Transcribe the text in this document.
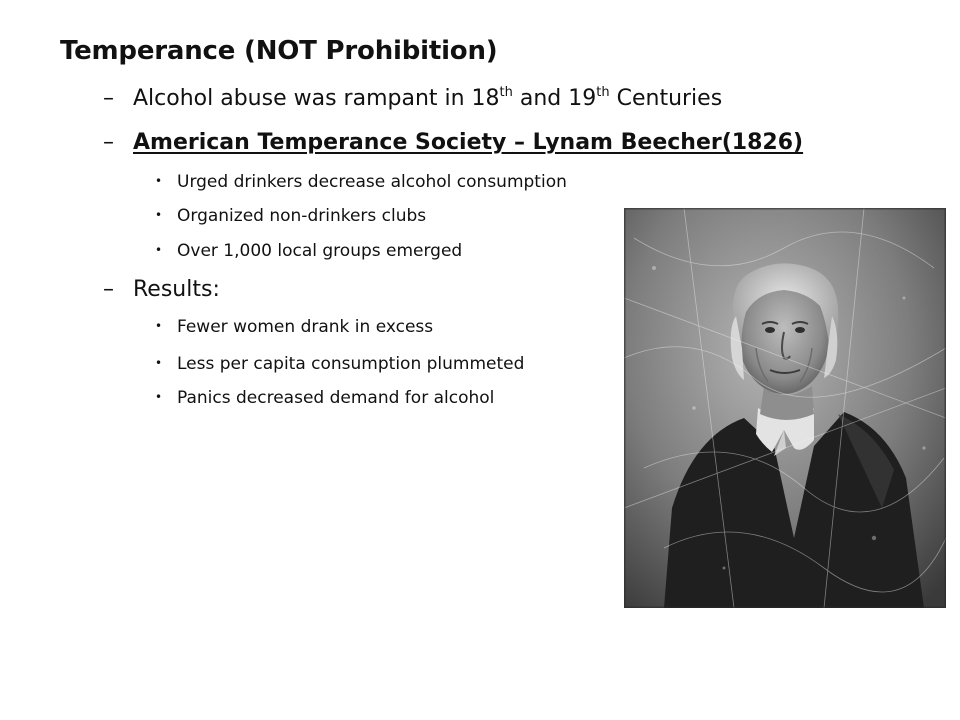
Temperance (NOT Prohibition)
– Alcohol abuse was rampant in 18th and 19th Centuries
– American Temperance Society – Lynam Beecher(1826)
• Urged drinkers decrease alcohol consumption
• Organized non-drinkers clubs
• Over 1,000 local groups emerged
– Results:
• Fewer women drank in excess
• Less per capita consumption plummeted
• Panics decreased demand for alcohol
